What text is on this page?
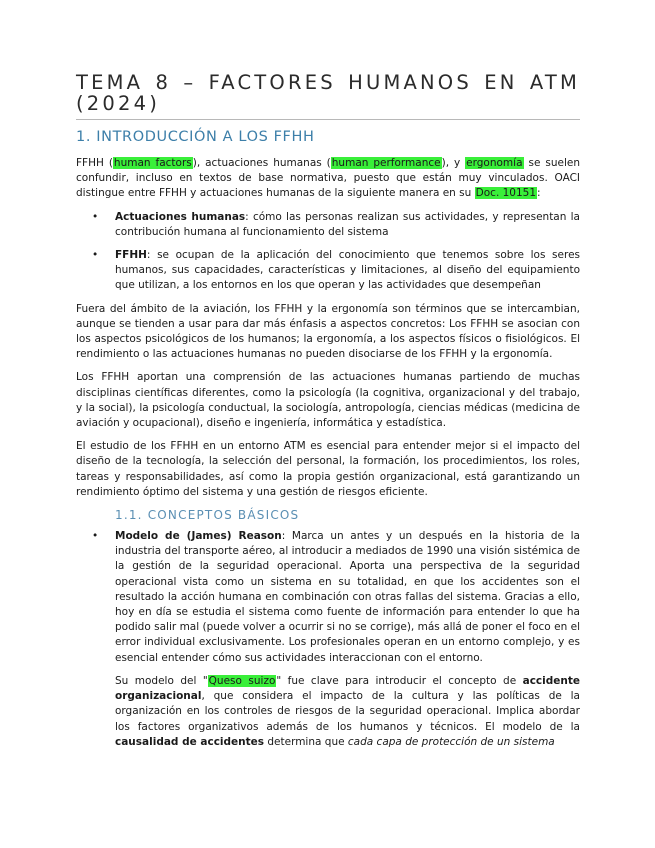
TEMA 8 – FACTORES HUMANOS EN ATM (2024)
1. INTRODUCCIÓN A LOS FFHH

FFHH (human factors), actuaciones humanas (human performance), y ergonomía se suelen confundir, incluso en textos de base normativa, puesto que están muy vinculados. OACI distingue entre FFHH y actuaciones humanas de la siguiente manera en su Doc. 10151:

• Actuaciones humanas: cómo las personas realizan sus actividades, y representan la contribución humana al funcionamiento del sistema
• FFHH: se ocupan de la aplicación del conocimiento que tenemos sobre los seres humanos, sus capacidades, características y limitaciones, al diseño del equipamiento que utilizan, a los entornos en los que operan y las actividades que desempeñan

Fuera del ámbito de la aviación, los FFHH y la ergonomía son términos que se intercambian, aunque se tienden a usar para dar más énfasis a aspectos concretos: Los FFHH se asocian con los aspectos psicológicos de los humanos; la ergonomía, a los aspectos físicos o fisiológicos. El rendimiento o las actuaciones humanas no pueden disociarse de los FFHH y la ergonomía.

Los FFHH aportan una comprensión de las actuaciones humanas partiendo de muchas disciplinas científicas diferentes, como la psicología (la cognitiva, organizacional y del trabajo, y la social), la psicología conductual, la sociología, antropología, ciencias médicas (medicina de aviación y ocupacional), diseño e ingeniería, informática y estadística.

El estudio de los FFHH en un entorno ATM es esencial para entender mejor si el impacto del diseño de la tecnología, la selección del personal, la formación, los procedimientos, los roles, tareas y responsabilidades, así como la propia gestión organizacional, está garantizando un rendimiento óptimo del sistema y una gestión de riesgos eficiente.

1.1. CONCEPTOS BÁSICOS
• Modelo de (James) Reason: Marca un antes y un después en la historia de la industria del transporte aéreo, al introducir a mediados de 1990 una visión sistémica de la gestión de la seguridad operacional. Aporta una perspectiva de la seguridad operacional vista como un sistema en su totalidad, en que los accidentes son el resultado la acción humana en combinación con otras fallas del sistema. Gracias a ello, hoy en día se estudia el sistema como fuente de información para entender lo que ha podido salir mal (puede volver a ocurrir si no se corrige), más allá de poner el foco en el error individual exclusivamente. Los profesionales operan en un entorno complejo, y es esencial entender cómo sus actividades interaccionan con el entorno.

Su modelo del "Queso suizo" fue clave para introducir el concepto de accidente organizacional, que considera el impacto de la cultura y las políticas de la organización en los controles de riesgos de la seguridad operacional. Implica abordar los factores organizativos además de los humanos y técnicos. El modelo de la causalidad de accidentes determina que cada capa de protección de un sistema
